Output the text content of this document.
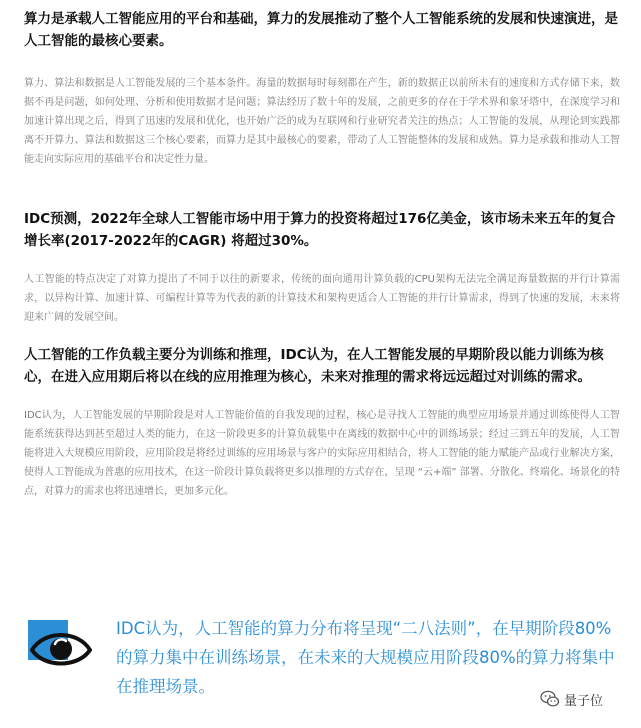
算力是承载人工智能应用的平台和基础，算力的发展推动了整个人工智能系统的发展和快速演进，是人工智能的最核心要素。

算力、算法和数据是人工智能发展的三个基本条件。海量的数据每时每刻都在产生，新的数据正以前所未有的速度和方式存储下来，数据不再是问题，如何处理、分析和使用数据才是问题；算法经历了数十年的发展，之前更多的存在于学术界和象牙塔中，在深度学习和加速计算出现之后，得到了迅速的发展和优化，也开始广泛的成为互联网和行业研究者关注的热点；人工智能的发展，从理论到实践都离不开算力、算法和数据这三个核心要素，而算力是其中最核心的要素，带动了人工智能整体的发展和成熟。算力是承载和推动人工智能走向实际应用的基础平台和决定性力量。

IDC预测，2022年全球人工智能市场中用于算力的投资将超过176亿美金，该市场未来五年的复合增长率(2017-2022年的CAGR) 将超过30%。

人工智能的特点决定了对算力提出了不同于以往的新要求，传统的面向通用计算负载的CPU架构无法完全满足海量数据的并行计算需求，以异构计算、加速计算、可编程计算等为代表的新的计算技术和架构更适合人工智能的并行计算需求，得到了快速的发展，未来将迎来广阔的发展空间。

人工智能的工作负载主要分为训练和推理，IDC认为，在人工智能发展的早期阶段以能力训练为核心，在进入应用期后将以在线的应用推理为核心，未来对推理的需求将远远超过对训练的需求。

IDC认为，人工智能发展的早期阶段是对人工智能价值的自我发现的过程，核心是寻找人工智能的典型应用场景并通过训练使得人工智能系统获得达到甚至超过人类的能力，在这一阶段更多的计算负载集中在离线的数据中心中的训练场景；经过三到五年的发展，人工智能将进入大规模应用阶段，应用阶段是将经过训练的应用场景与客户的实际应用相结合，将人工智能的能力赋能产品或行业解决方案，使得人工智能成为普惠的应用技术，在这一阶段计算负载将更多以推理的方式存在，呈现 “云+端” 部署、分散化、终端化、场景化的特点，对算力的需求也将迅速增长，更加多元化。

IDC认为，人工智能的算力分布将呈现“二八法则”，在早期阶段80%的算力集中在训练场景，在未来的大规模应用阶段80%的算力将集中在推理场景。

量子位
